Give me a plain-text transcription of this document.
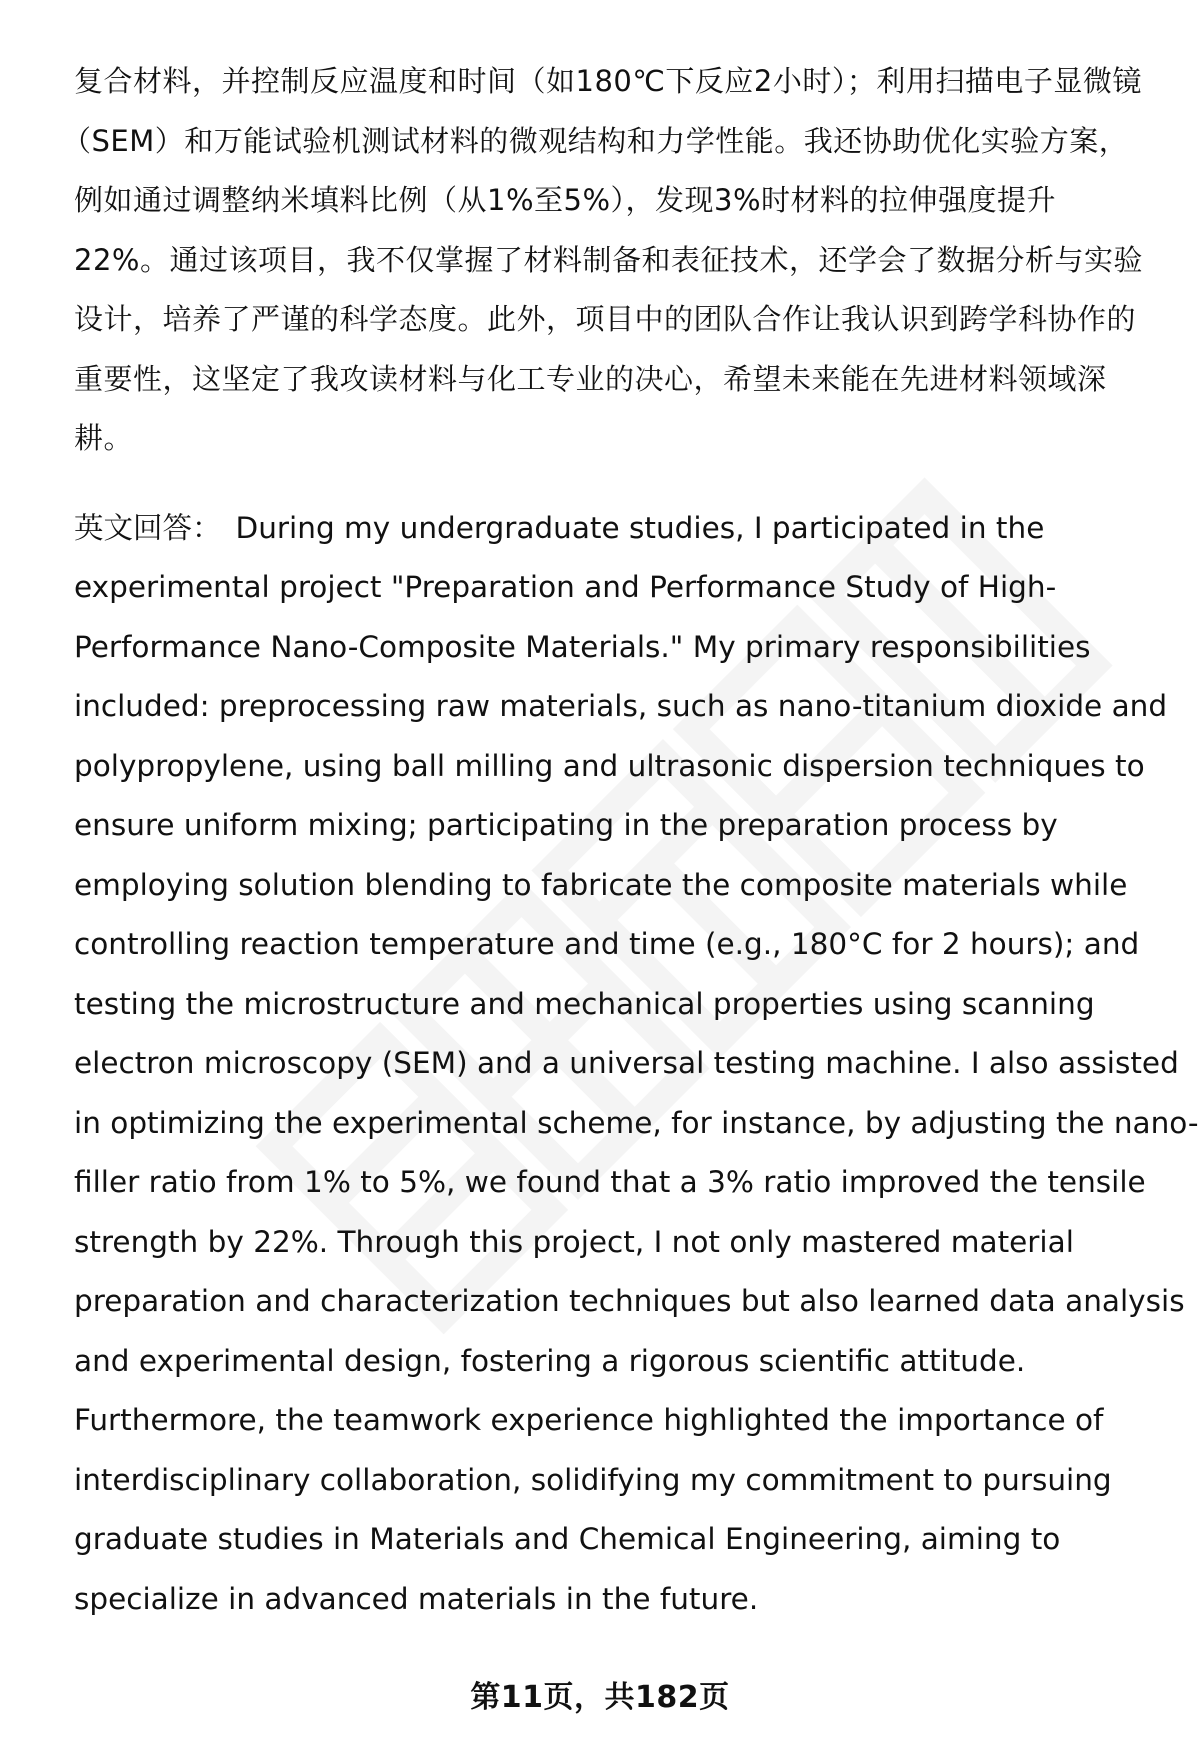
复合材料，并控制反应温度和时间（如180℃下反应2小时）；利用扫描电子显微镜
（SEM）和万能试验机测试材料的微观结构和力学性能。我还协助优化实验方案，
例如通过调整纳米填料比例（从1%至5%），发现3%时材料的拉伸强度提升
22%。通过该项目，我不仅掌握了材料制备和表征技术，还学会了数据分析与实验
设计，培养了严谨的科学态度。此外，项目中的团队合作让我认识到跨学科协作的
重要性，这坚定了我攻读材料与化工专业的决心，希望未来能在先进材料领域深
耕。

英文回答： During my undergraduate studies, I participated in the
experimental project "Preparation and Performance Study of High-
Performance Nano-Composite Materials." My primary responsibilities
included: preprocessing raw materials, such as nano-titanium dioxide and
polypropylene, using ball milling and ultrasonic dispersion techniques to
ensure uniform mixing; participating in the preparation process by
employing solution blending to fabricate the composite materials while
controlling reaction temperature and time (e.g., 180°C for 2 hours); and
testing the microstructure and mechanical properties using scanning
electron microscopy (SEM) and a universal testing machine. I also assisted
in optimizing the experimental scheme, for instance, by adjusting the nano-
filler ratio from 1% to 5%, we found that a 3% ratio improved the tensile
strength by 22%. Through this project, I not only mastered material
preparation and characterization techniques but also learned data analysis
and experimental design, fostering a rigorous scientific attitude.
Furthermore, the teamwork experience highlighted the importance of
interdisciplinary collaboration, solidifying my commitment to pursuing
graduate studies in Materials and Chemical Engineering, aiming to
specialize in advanced materials in the future.

第11页，共182页
